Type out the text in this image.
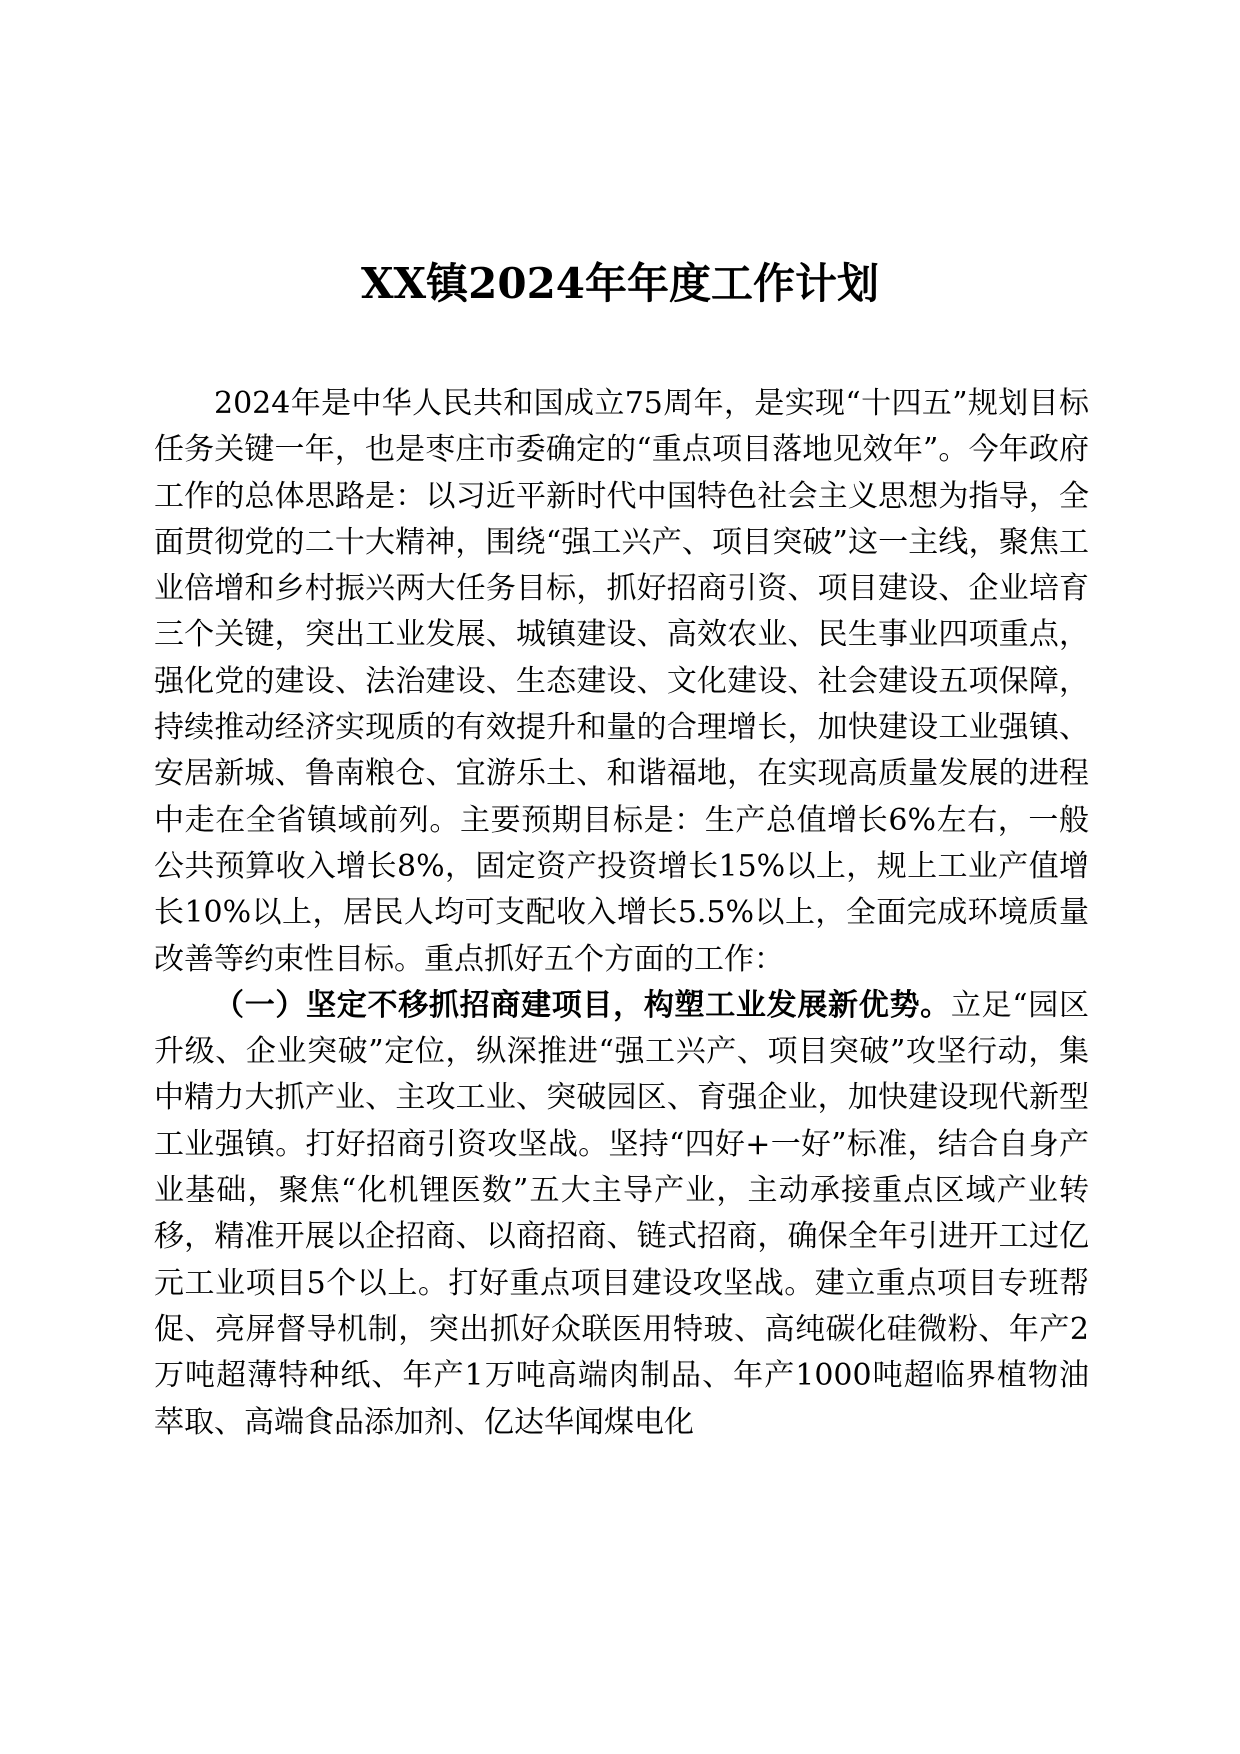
XX镇2024年年度工作计划

2024年是中华人民共和国成立75周年，是实现“十四五”规划目标任务关键一年，也是枣庄市委确定的“重点项目落地见效年”。今年政府工作的总体思路是：以习近平新时代中国特色社会主义思想为指导，全面贯彻党的二十大精神，围绕“强工兴产、项目突破”这一主线，聚焦工业倍增和乡村振兴两大任务目标，抓好招商引资、项目建设、企业培育三个关键，突出工业发展、城镇建设、高效农业、民生事业四项重点，强化党的建设、法治建设、生态建设、文化建设、社会建设五项保障，持续推动经济实现质的有效提升和量的合理增长，加快建设工业强镇、安居新城、鲁南粮仓、宜游乐土、和谐福地，在实现高质量发展的进程中走在全省镇域前列。主要预期目标是：生产总值增长6%左右，一般公共预算收入增长8%，固定资产投资增长15%以上，规上工业产值增长10%以上，居民人均可支配收入增长5.5%以上，全面完成环境质量改善等约束性目标。重点抓好五个方面的工作：

（一）坚定不移抓招商建项目，构塑工业发展新优势。立足“园区升级、企业突破”定位，纵深推进“强工兴产、项目突破”攻坚行动，集中精力大抓产业、主攻工业、突破园区、育强企业，加快建设现代新型工业强镇。打好招商引资攻坚战。坚持“四好+一好”标准，结合自身产业基础，聚焦“化机锂医数”五大主导产业，主动承接重点区域产业转移，精准开展以企招商、以商招商、链式招商，确保全年引进开工过亿元工业项目5个以上。打好重点项目建设攻坚战。建立重点项目专班帮促、亮屏督导机制，突出抓好众联医用特玻、高纯碳化硅微粉、年产2万吨超薄特种纸、年产1万吨高端肉制品、年产1000吨超临界植物油萃取、高端食品添加剂、亿达华闻煤电化
